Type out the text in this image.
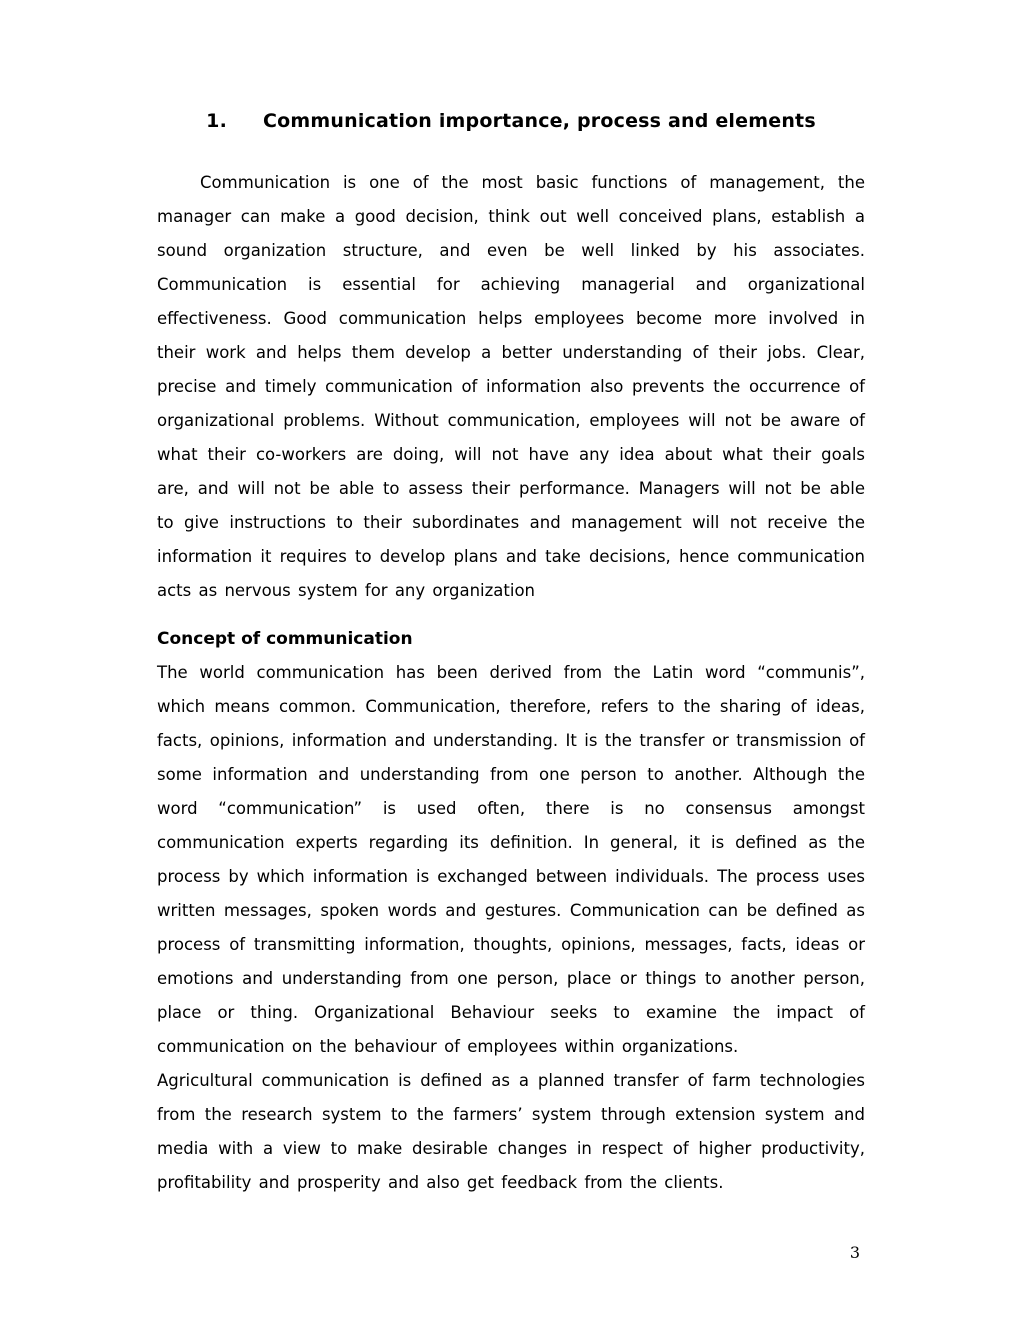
1. Communication importance, process and elements

Communication is one of the most basic functions of management, the manager can make a good decision, think out well conceived plans, establish a sound organization structure, and even be well linked by his associates. Communication is essential for achieving managerial and organizational effectiveness. Good communication helps employees become more involved in their work and helps them develop a better understanding of their jobs. Clear, precise and timely communication of information also prevents the occurrence of organizational problems. Without communication, employees will not be aware of what their co-workers are doing, will not have any idea about what their goals are, and will not be able to assess their performance. Managers will not be able to give instructions to their subordinates and management will not receive the information it requires to develop plans and take decisions, hence communication acts as nervous system for any organization

Concept of communication

The world communication has been derived from the Latin word “communis”, which means common. Communication, therefore, refers to the sharing of ideas, facts, opinions, information and understanding. It is the transfer or transmission of some information and understanding from one person to another. Although the word “communication” is used often, there is no consensus amongst communication experts regarding its definition. In general, it is defined as the process by which information is exchanged between individuals. The process uses written messages, spoken words and gestures. Communication can be defined as process of transmitting information, thoughts, opinions, messages, facts, ideas or emotions and understanding from one person, place or things to another person, place or thing. Organizational Behaviour seeks to examine the impact of communication on the behaviour of employees within organizations.

Agricultural communication is defined as a planned transfer of farm technologies from the research system to the farmers’ system through extension system and media with a view to make desirable changes in respect of higher productivity, profitability and prosperity and also get feedback from the clients.

3
